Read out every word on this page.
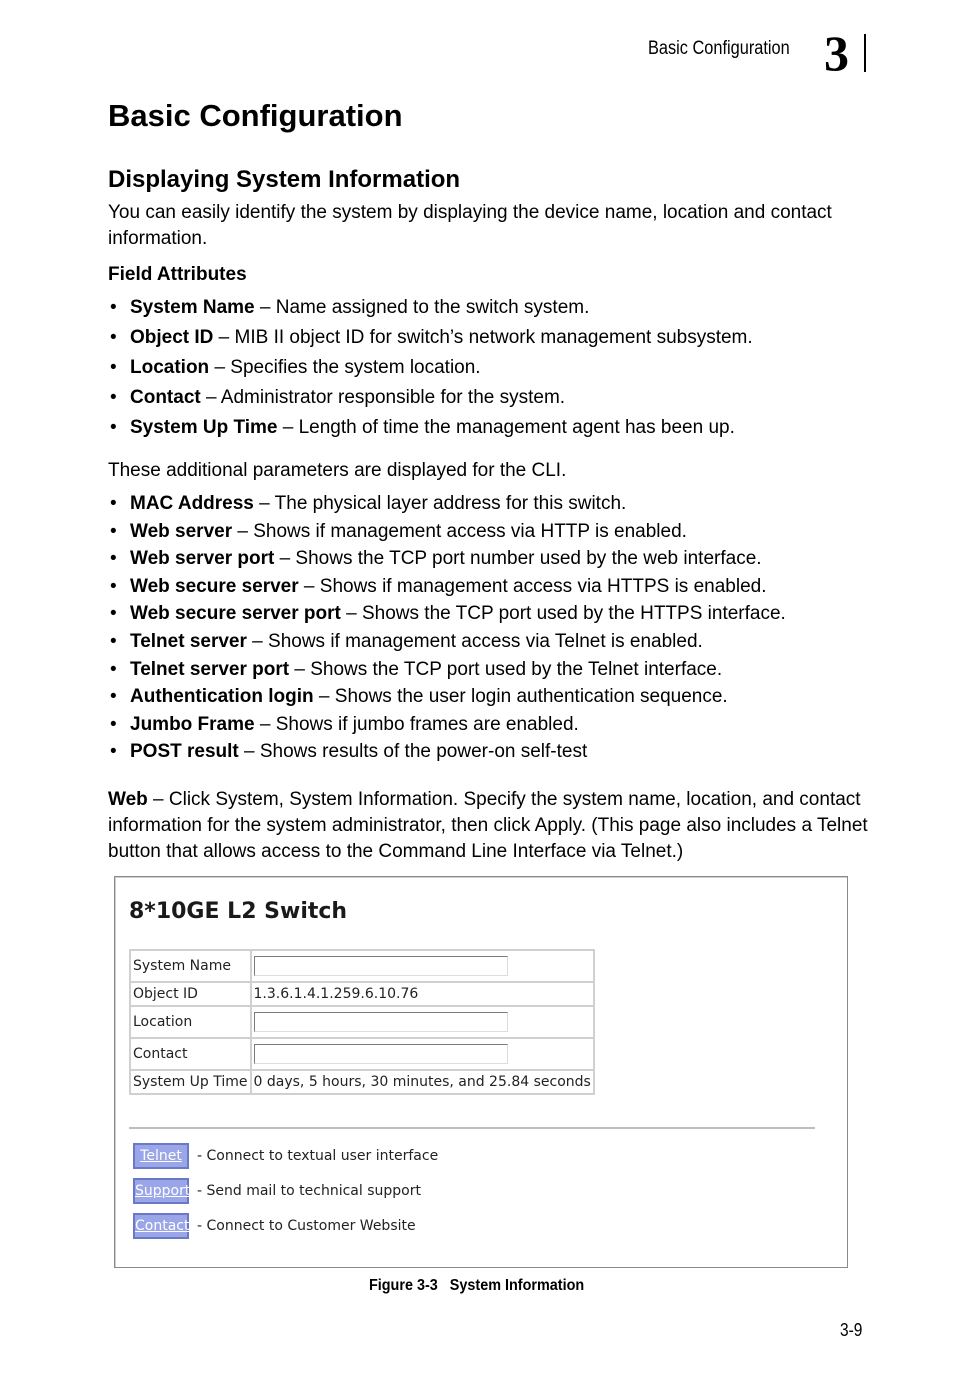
Basic Configuration 3
Basic Configuration
Displaying System Information
You can easily identify the system by displaying the device name, location and contact information.
Field Attributes
• System Name – Name assigned to the switch system.
• Object ID – MIB II object ID for switch’s network management subsystem.
• Location – Specifies the system location.
• Contact – Administrator responsible for the system.
• System Up Time – Length of time the management agent has been up.
These additional parameters are displayed for the CLI.
• MAC Address – The physical layer address for this switch.
• Web server – Shows if management access via HTTP is enabled.
• Web server port – Shows the TCP port number used by the web interface.
• Web secure server – Shows if management access via HTTPS is enabled.
• Web secure server port – Shows the TCP port used by the HTTPS interface.
• Telnet server – Shows if management access via Telnet is enabled.
• Telnet server port – Shows the TCP port used by the Telnet interface.
• Authentication login – Shows the user login authentication sequence.
• Jumbo Frame – Shows if jumbo frames are enabled.
• POST result – Shows results of the power-on self-test
Web – Click System, System Information. Specify the system name, location, and contact information for the system administrator, then click Apply. (This page also includes a Telnet button that allows access to the Command Line Interface via Telnet.)
8*10GE L2 Switch
System Name	
Object ID	1.3.6.1.4.1.259.6.10.76
Location	
Contact	
System Up Time	0 days, 5 hours, 30 minutes, and 25.84 seconds
Telnet	- Connect to textual user interface
Support - Send mail to technical support
Contact - Connect to Customer Website
Figure 3-3   System Information
3-9
